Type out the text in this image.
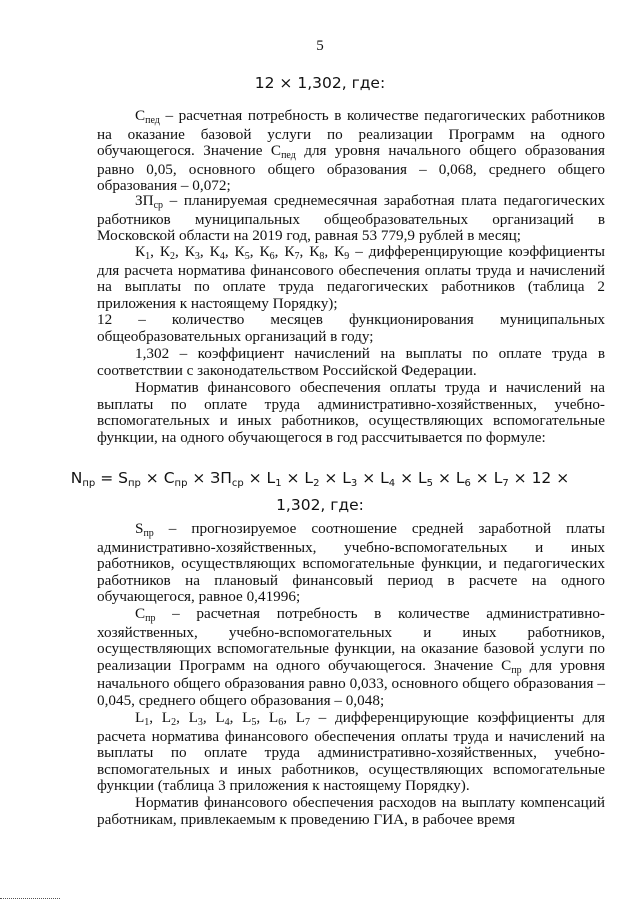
5
12 × 1,302, где:

$С_{пед}$ – расчетная потребность в количестве педагогических работников на оказание базовой услуги по реализации Программ на одного обучающегося. Значение $С_{пед}$ для уровня начального общего образования равно 0,05, основного общего образования – 0,068, среднего общего образования – 0,072;

$ЗП_{ср}$ – планируемая среднемесячная заработная плата педагогических работников муниципальных общеобразовательных организаций в Московской области на 2019 год, равная 53 779,9 рублей в месяц;

$К_1$, $К_2$, $К_3$, $К_4$, $К_5$, $К_6$, $К_7$, $К_8$, $К_9$ – дифференцирующие коэффициенты для расчета норматива финансового обеспечения оплаты труда и начислений на выплаты по оплате труда педагогических работников (таблица 2 приложения к настоящему Порядку);

12 – количество месяцев функционирования муниципальных общеобразовательных организаций в году;

1,302 – коэффициент начислений на выплаты по оплате труда в соответствии с законодательством Российской Федерации.

Норматив финансового обеспечения оплаты труда и начислений на выплаты по оплате труда административно-хозяйственных, учебно-вспомогательных и иных работников, осуществляющих вспомогательные функции, на одного обучающегося в год рассчитывается по формуле:

$N_{пр} = S_{пр} \times С_{пр} \times ЗП_{ср} \times L_1 \times L_2 \times L_3 \times L_4 \times L_5 \times L_6 \times L_7 \times 12$ ×
1,302, где:

$S_{пр}$ – прогнозируемое соотношение средней заработной платы административно-хозяйственных, учебно-вспомогательных и иных работников, осуществляющих вспомогательные функции, и педагогических работников на плановый финансовый период в расчете на одного обучающегося, равное 0,41996;

$С_{пр}$ – расчетная потребность в количестве административно-хозяйственных, учебно-вспомогательных и иных работников, осуществляющих вспомогательные функции, на оказание базовой услуги по реализации Программ на одного обучающегося. Значение $С_{пр}$ для уровня начального общего образования равно 0,033, основного общего образования – 0,045, среднего общего образования – 0,048;

$L_1$, $L_2$, $L_3$, $L_4$, $L_5$, $L_6$, $L_7$ – дифференцирующие коэффициенты для расчета норматива финансового обеспечения оплаты труда и начислений на выплаты по оплате труда административно-хозяйственных, учебно-вспомогательных и иных работников, осуществляющих вспомогательные функции (таблица 3 приложения к настоящему Порядку).

Норматив финансового обеспечения расходов на выплату компенсаций работникам, привлекаемым к проведению ГИА, в рабочее время
